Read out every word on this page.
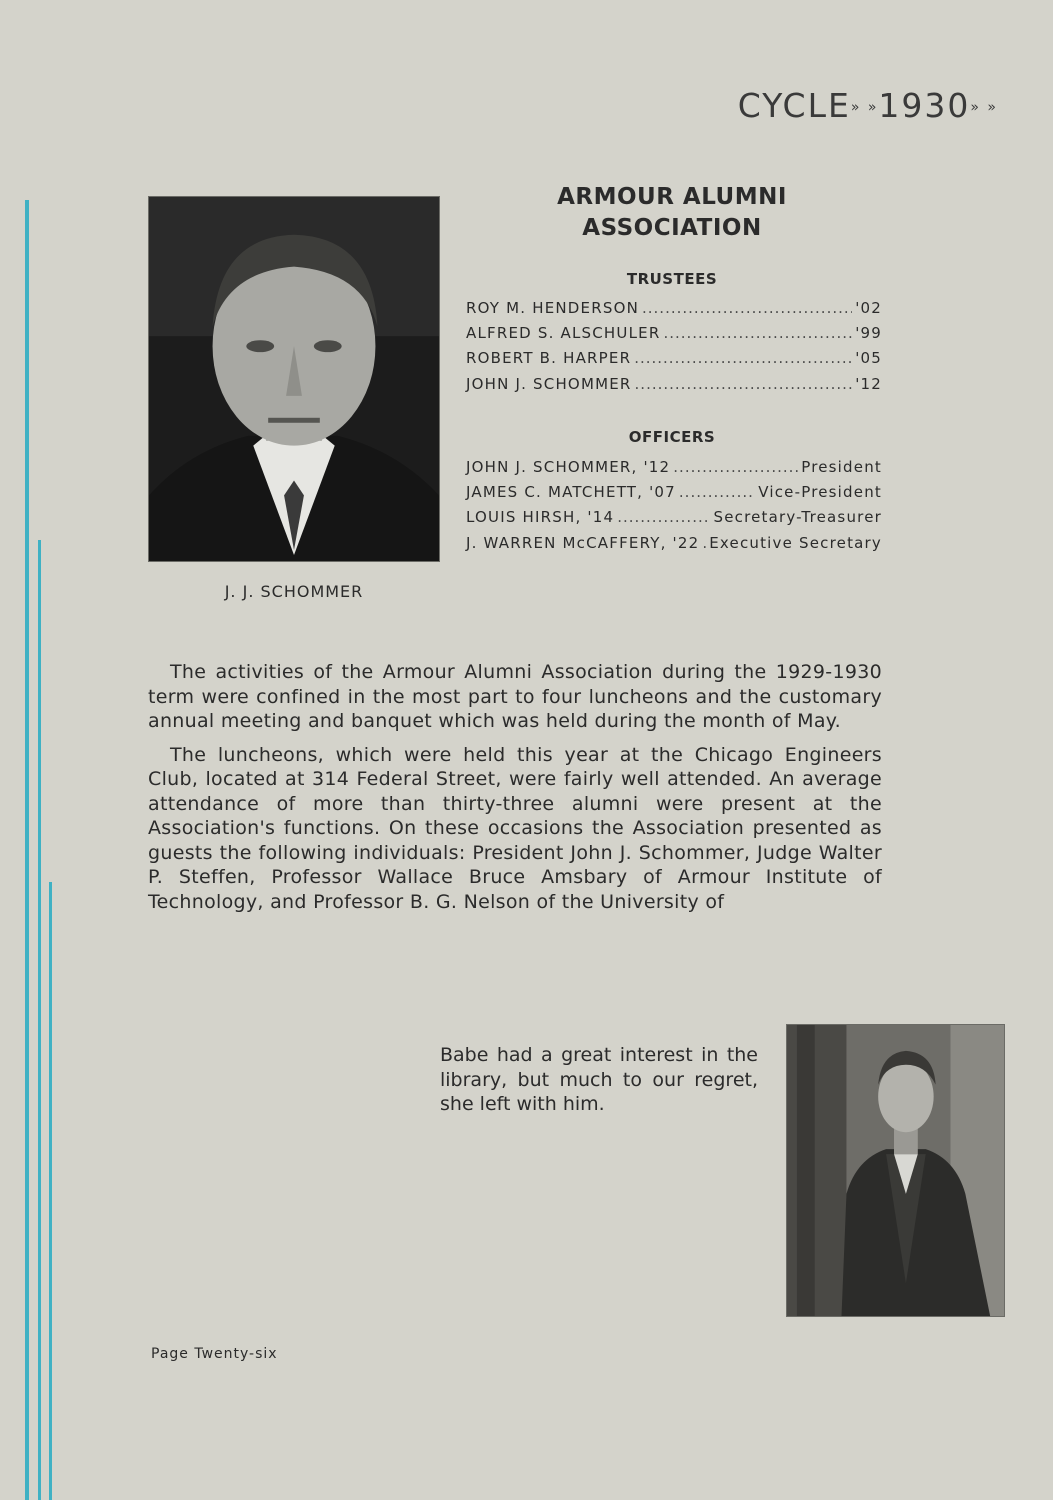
CYCLE» »1930» »
J. J. SCHOMMER
ARMOUR ALUMNI
ASSOCIATION
TRUSTEES
ROY M. HENDERSON .....	'02
ALFRED S. ALSCHULER .....	'99
ROBERT B. HARPER .....	'05
JOHN J. SCHOMMER .....	'12
OFFICERS
JOHN J. SCHOMMER, '12 .....	President
JAMES C. MATCHETT, '07 .....	Vice-President
LOUIS HIRSH, '14 .....	Secretary-Treasurer
J. WARREN McCAFFERY, '22 ..... Executive Secretary

The activities of the Armour Alumni Association during the 1929-1930 term were confined in the most part to four luncheons and the customary annual meeting and banquet which was held during the month of May.

The luncheons, which were held this year at the Chicago Engineers Club, located at 314 Federal Street, were fairly well attended. An average attendance of more than thirty-three alumni were present at the Association's functions. On these occasions the Association presented as guests the following individuals: President John J. Schommer, Judge Walter P. Steffen, Professor Wallace Bruce Amsbary of Armour Institute of Technology, and Professor B. G. Nelson of the University of

Babe had a great interest in the library, but much to our regret, she left with him.
Page Twenty-six
